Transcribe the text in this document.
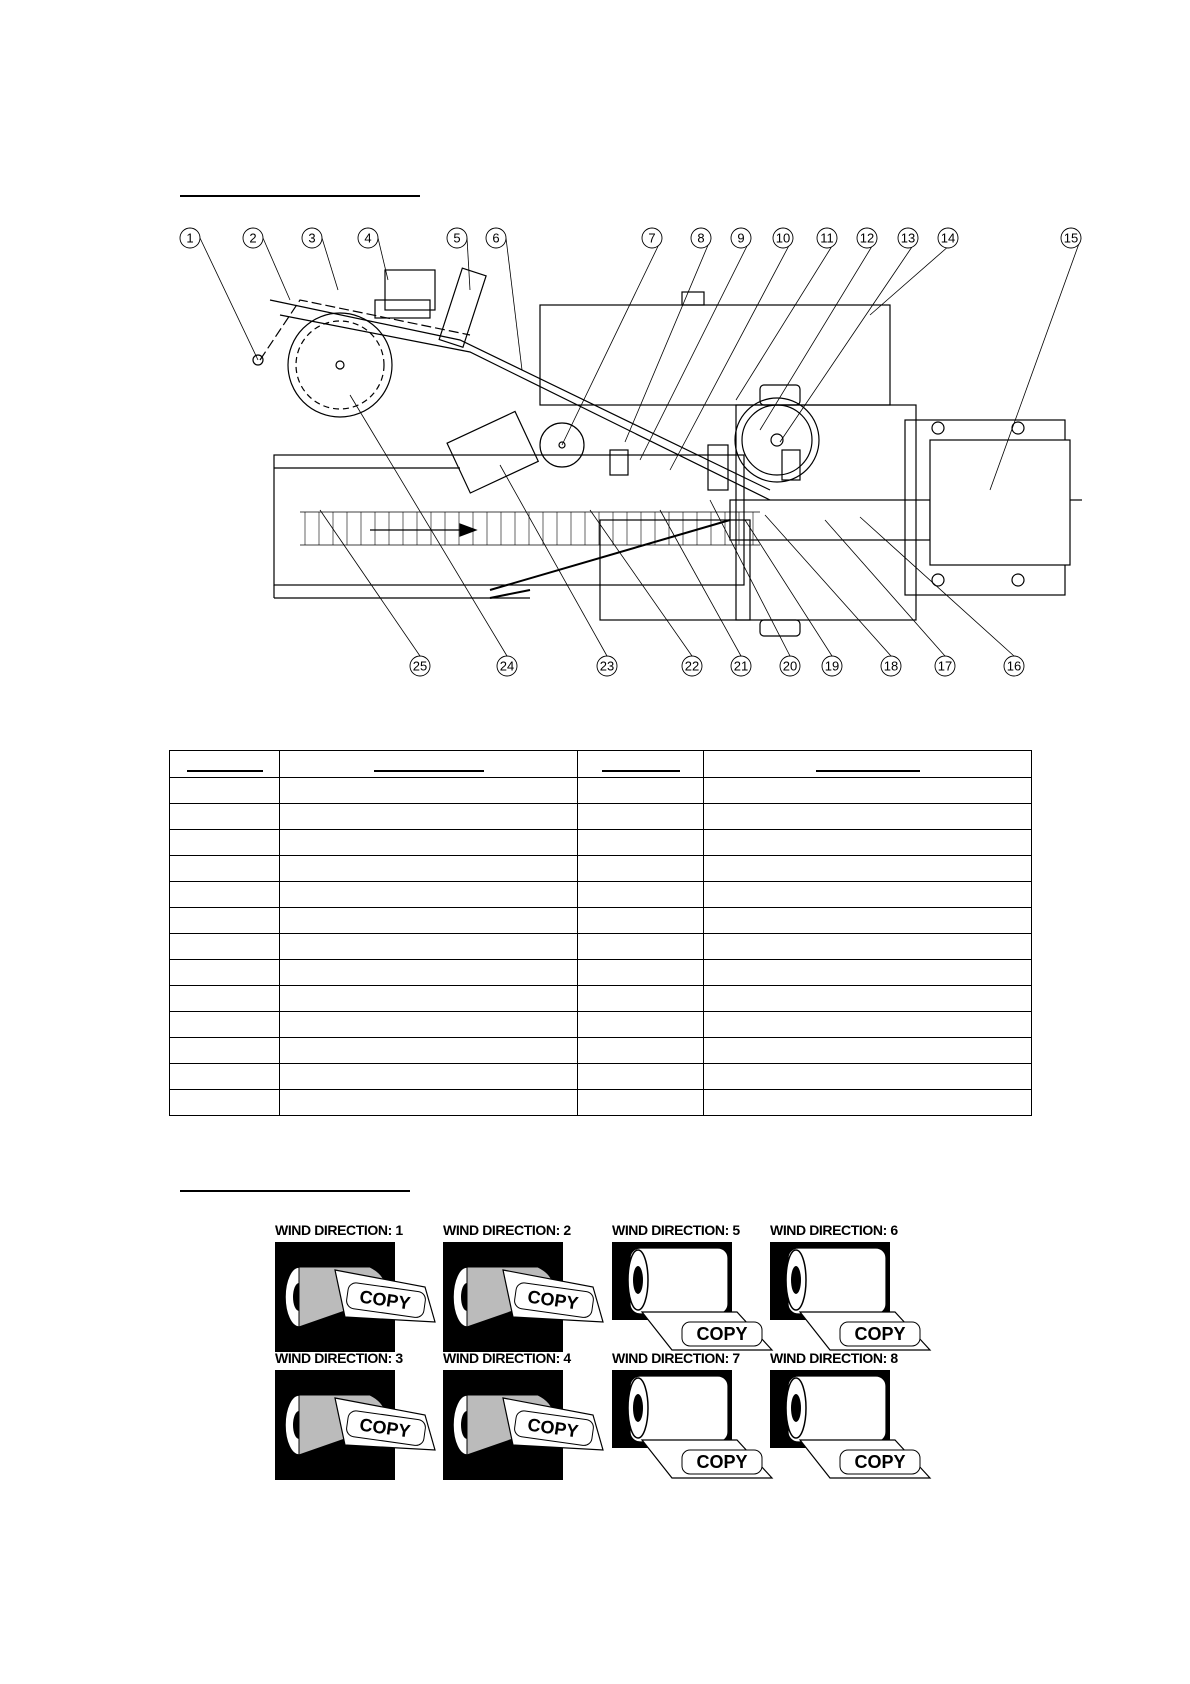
1	2	3	4	5 6	7	8	9 10 11 12 13 14	15
16
17
18
19
20
21
22
23
24
25

WIND DIRECTION: 1
COPY
WIND DIRECTION: 2
COPY
WIND DIRECTION: 5
COPY
WIND DIRECTION: 6
COPY
WIND DIRECTION: 3
COPY
WIND DIRECTION: 4
COPY
WIND DIRECTION: 7
COPY
WIND DIRECTION: 8
COPY
